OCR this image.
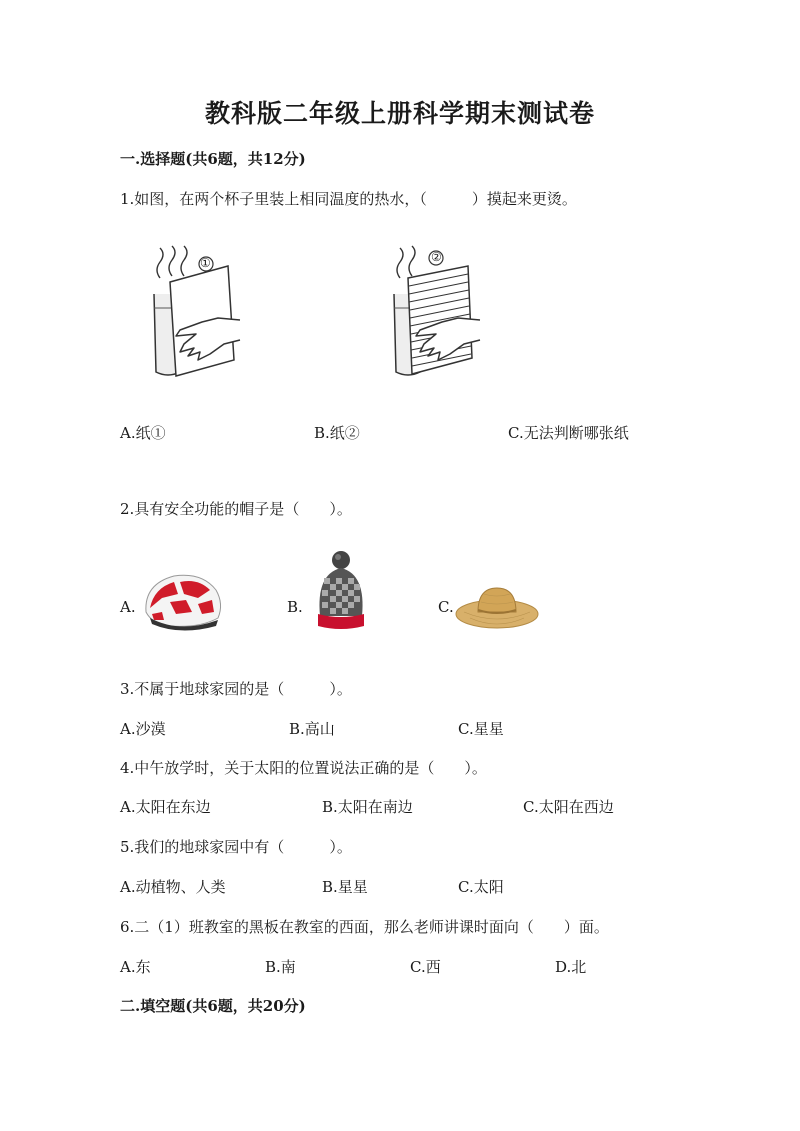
教科版二年级上册科学期末测试卷
一.选择题(共6题，共12分)
1.如图，在两个杯子里装上相同温度的热水，（　　　）摸起来更烫。
①	②
A.纸①	B.纸②	C.无法判断哪张纸
2.具有安全功能的帽子是（　　）。
A.	B.	C.
3.不属于地球家园的是（　　　）。
A.沙漠	B.高山	C.星星
4.中午放学时，关于太阳的位置说法正确的是（　　）。
A.太阳在东边	B.太阳在南边	C.太阳在西边
5.我们的地球家园中有（　　　）。
A.动植物、人类	B.星星	C.太阳
6.二（1）班教室的黑板在教室的西面，那么老师讲课时面向（　　）面。
A.东	B.南	C.西	D.北
二.填空题(共6题，共20分)
